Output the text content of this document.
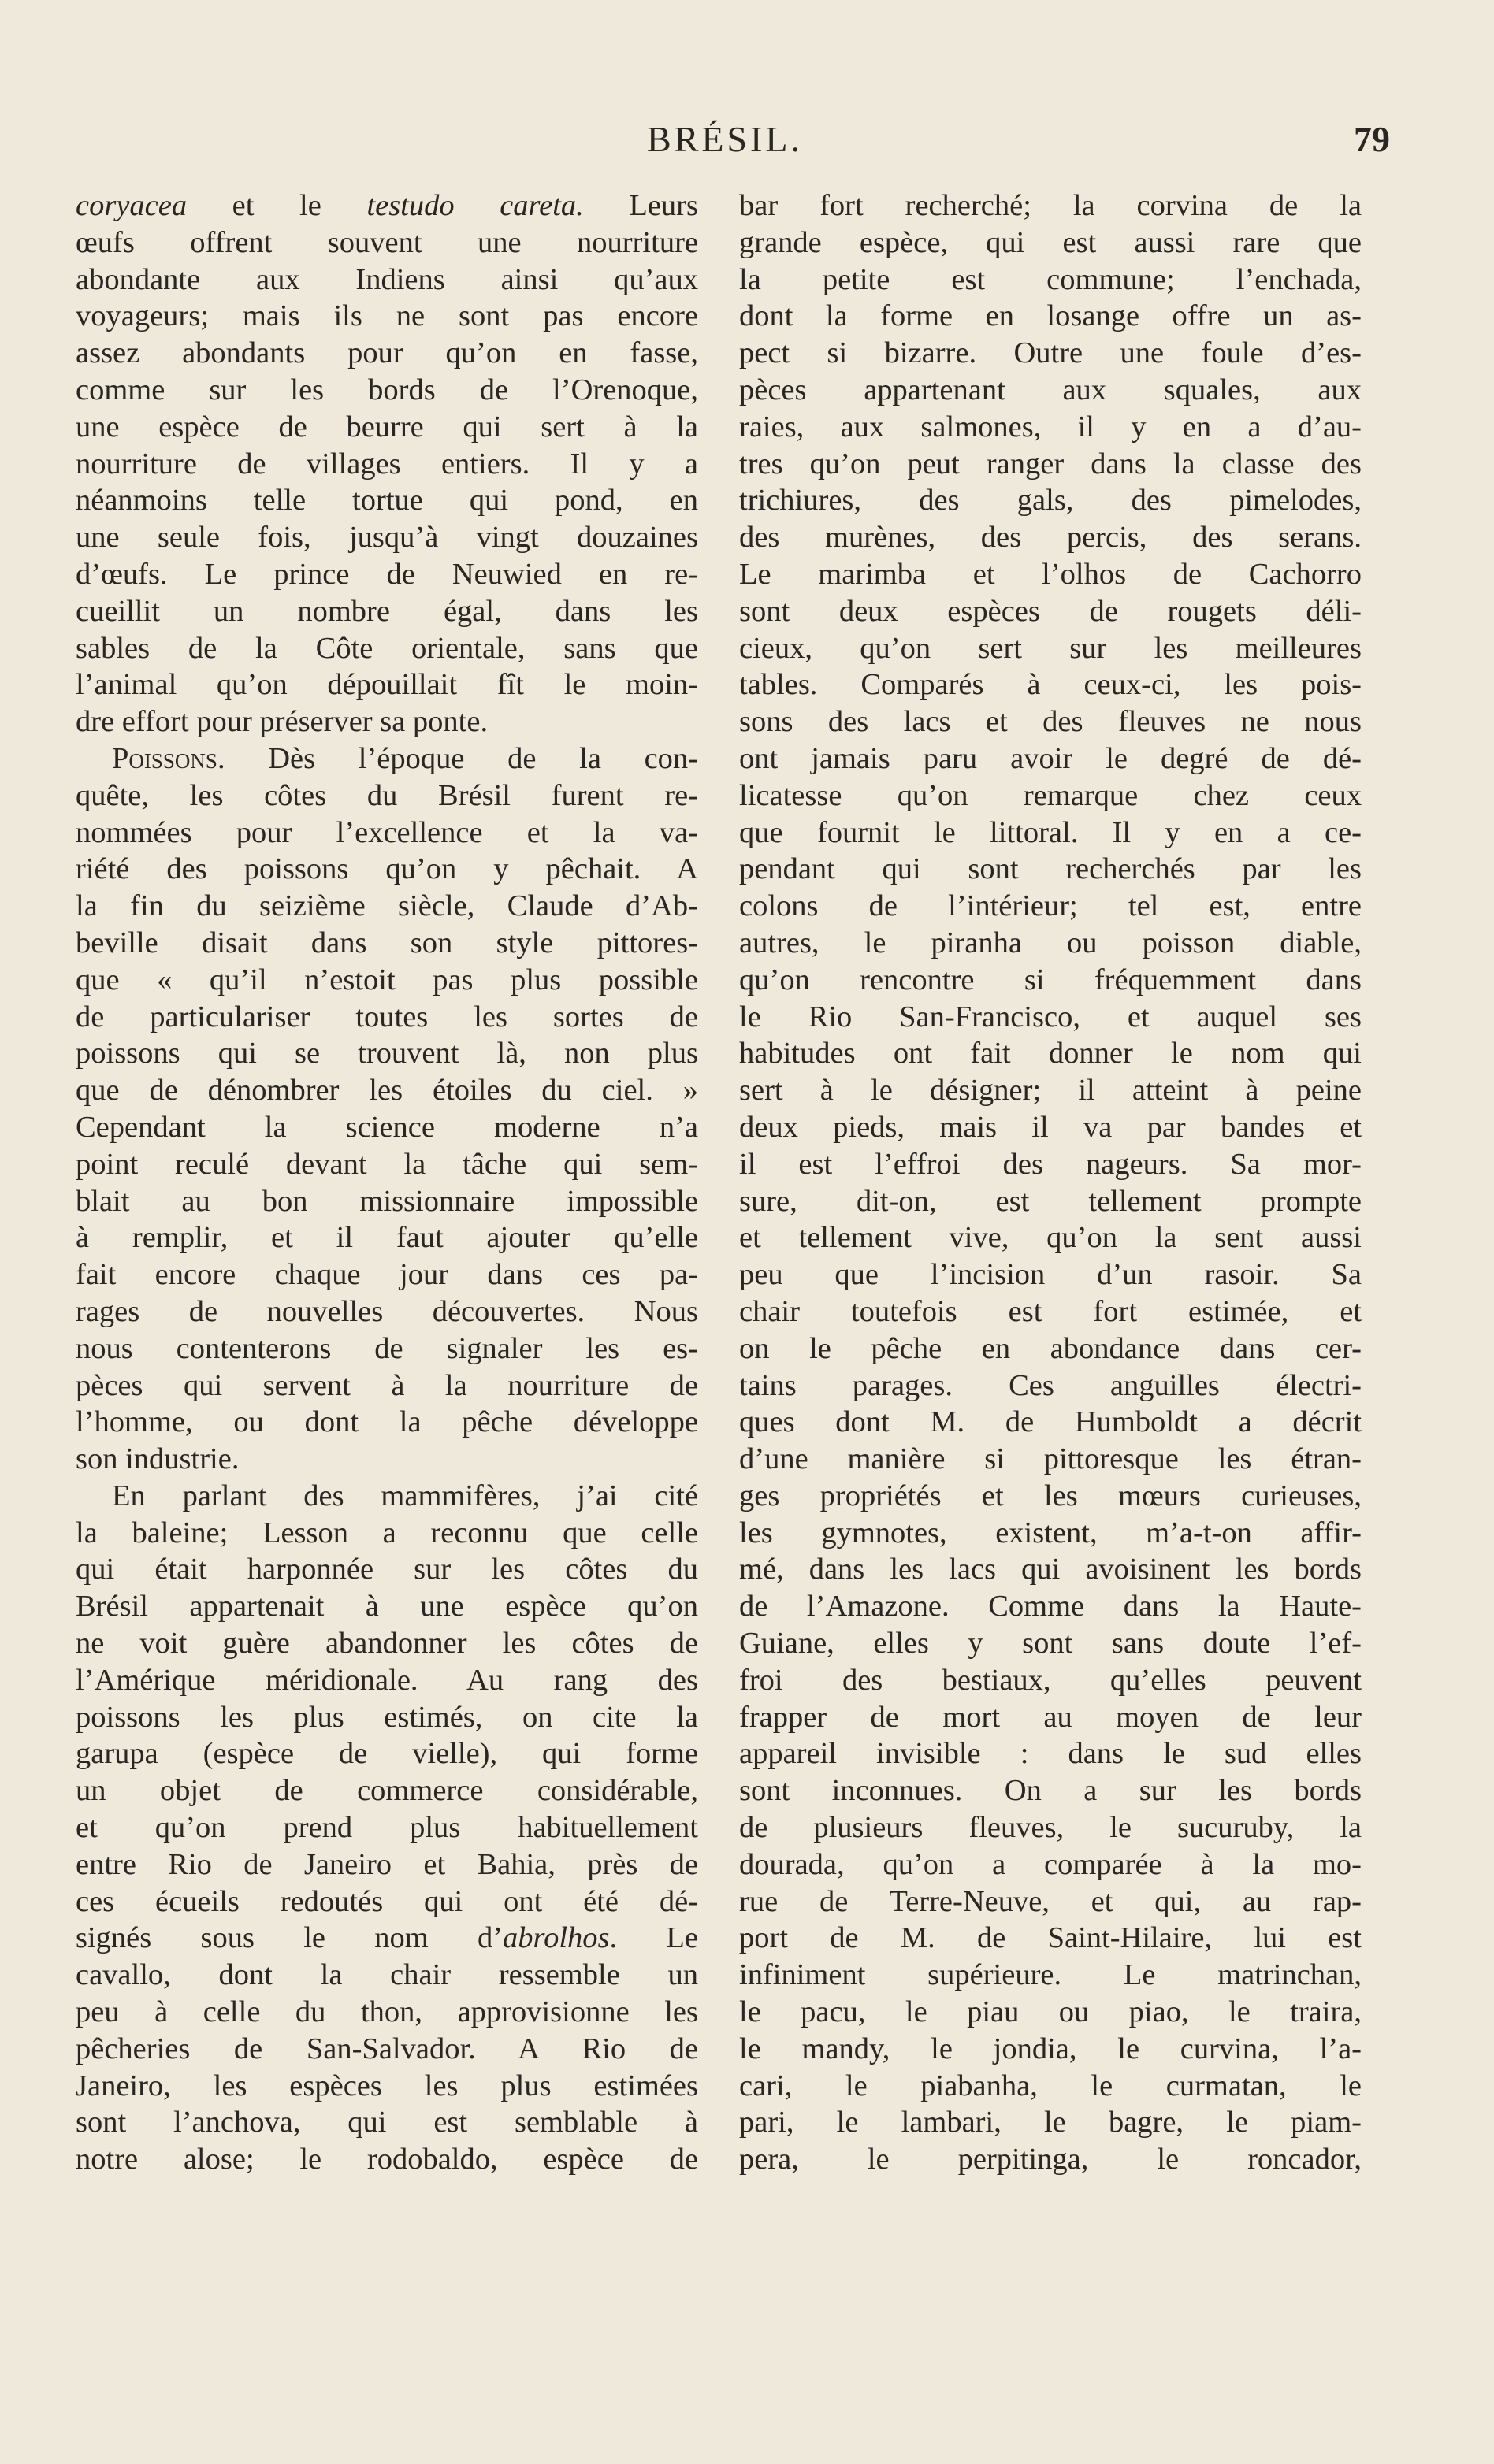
BRÉSIL.	79
coryacea et le testudo careta. Leurs
œufs offrent souvent une nourriture
abondante aux Indiens ainsi qu’aux
voyageurs; mais ils ne sont pas encore
assez abondants pour qu’on en fasse,
comme sur les bords de l’Orenoque,
une espèce de beurre qui sert à la
nourriture de villages entiers. Il y a
néanmoins telle tortue qui pond, en
une seule fois, jusqu’à vingt douzaines
d’œufs. Le prince de Neuwied en re-
cueillit un nombre égal, dans les
sables de la Côte orientale, sans que
l’animal qu’on dépouillait fît le moin-
dre effort pour préserver sa ponte.
Poissons. Dès l’époque de la con-
quête, les côtes du Brésil furent re-
nommées pour l’excellence et la va-
riété des poissons qu’on y pêchait. A
la fin du seizième siècle, Claude d’Ab-
beville disait dans son style pittores-
que « qu’il n’estoit pas plus possible
de particulariser toutes les sortes de
poissons qui se trouvent là, non plus
que de dénombrer les étoiles du ciel. »
Cependant la science moderne n’a
point reculé devant la tâche qui sem-
blait au bon missionnaire impossible
à remplir, et il faut ajouter qu’elle
fait encore chaque jour dans ces pa-
rages de nouvelles découvertes. Nous
nous contenterons de signaler les es-
pèces qui servent à la nourriture de
l’homme, ou dont la pêche développe
son industrie.
En parlant des mammifères, j’ai cité
la baleine; Lesson a reconnu que celle
qui était harponnée sur les côtes du
Brésil appartenait à une espèce qu’on
ne voit guère abandonner les côtes de
l’Amérique méridionale. Au rang des
poissons les plus estimés, on cite la
garupa (espèce de vielle), qui forme
un objet de commerce considérable,
et qu’on prend plus habituellement
entre Rio de Janeiro et Bahia, près de
ces écueils redoutés qui ont été dé-
signés sous le nom d’abrolhos. Le
cavallo, dont la chair ressemble un
peu à celle du thon, approvisionne les
pêcheries de San-Salvador. A Rio de
Janeiro, les espèces les plus estimées
sont l’anchova, qui est semblable à
notre alose; le rodobaldo, espèce de
bar fort recherché; la corvina de la
grande espèce, qui est aussi rare que
la petite est commune; l’enchada,
dont la forme en losange offre un as-
pect si bizarre. Outre une foule d’es-
pèces appartenant aux squales, aux
raies, aux salmones, il y en a d’au-
tres qu’on peut ranger dans la classe des
trichiures, des gals, des pimelodes,
des murènes, des percis, des serans.
Le marimba et l’olhos de Cachorro
sont deux espèces de rougets déli-
cieux, qu’on sert sur les meilleures
tables. Comparés à ceux-ci, les pois-
sons des lacs et des fleuves ne nous
ont jamais paru avoir le degré de dé-
licatesse qu’on remarque chez ceux
que fournit le littoral. Il y en a ce-
pendant qui sont recherchés par les
colons de l’intérieur; tel est, entre
autres, le piranha ou poisson diable,
qu’on rencontre si fréquemment dans
le Rio San-Francisco, et auquel ses
habitudes ont fait donner le nom qui
sert à le désigner; il atteint à peine
deux pieds, mais il va par bandes et
il est l’effroi des nageurs. Sa mor-
sure, dit-on, est tellement prompte
et tellement vive, qu’on la sent aussi
peu que l’incision d’un rasoir. Sa
chair toutefois est fort estimée, et
on le pêche en abondance dans cer-
tains parages. Ces anguilles électri-
ques dont M. de Humboldt a décrit
d’une manière si pittoresque les étran-
ges propriétés et les mœurs curieuses,
les gymnotes, existent, m’a-t-on affir-
mé, dans les lacs qui avoisinent les bords
de l’Amazone. Comme dans la Haute-
Guiane, elles y sont sans doute l’ef-
froi des bestiaux, qu’elles peuvent
frapper de mort au moyen de leur
appareil invisible : dans le sud elles
sont inconnues. On a sur les bords
de plusieurs fleuves, le sucuruby, la
dourada, qu’on a comparée à la mo-
rue de Terre-Neuve, et qui, au rap-
port de M. de Saint-Hilaire, lui est
infiniment supérieure. Le matrinchan,
le pacu, le piau ou piao, le traira,
le mandy, le jondia, le curvina, l’a-
cari, le piabanha, le curmatan, le
pari, le lambari, le bagre, le piam-
pera, le perpitinga, le roncador,
